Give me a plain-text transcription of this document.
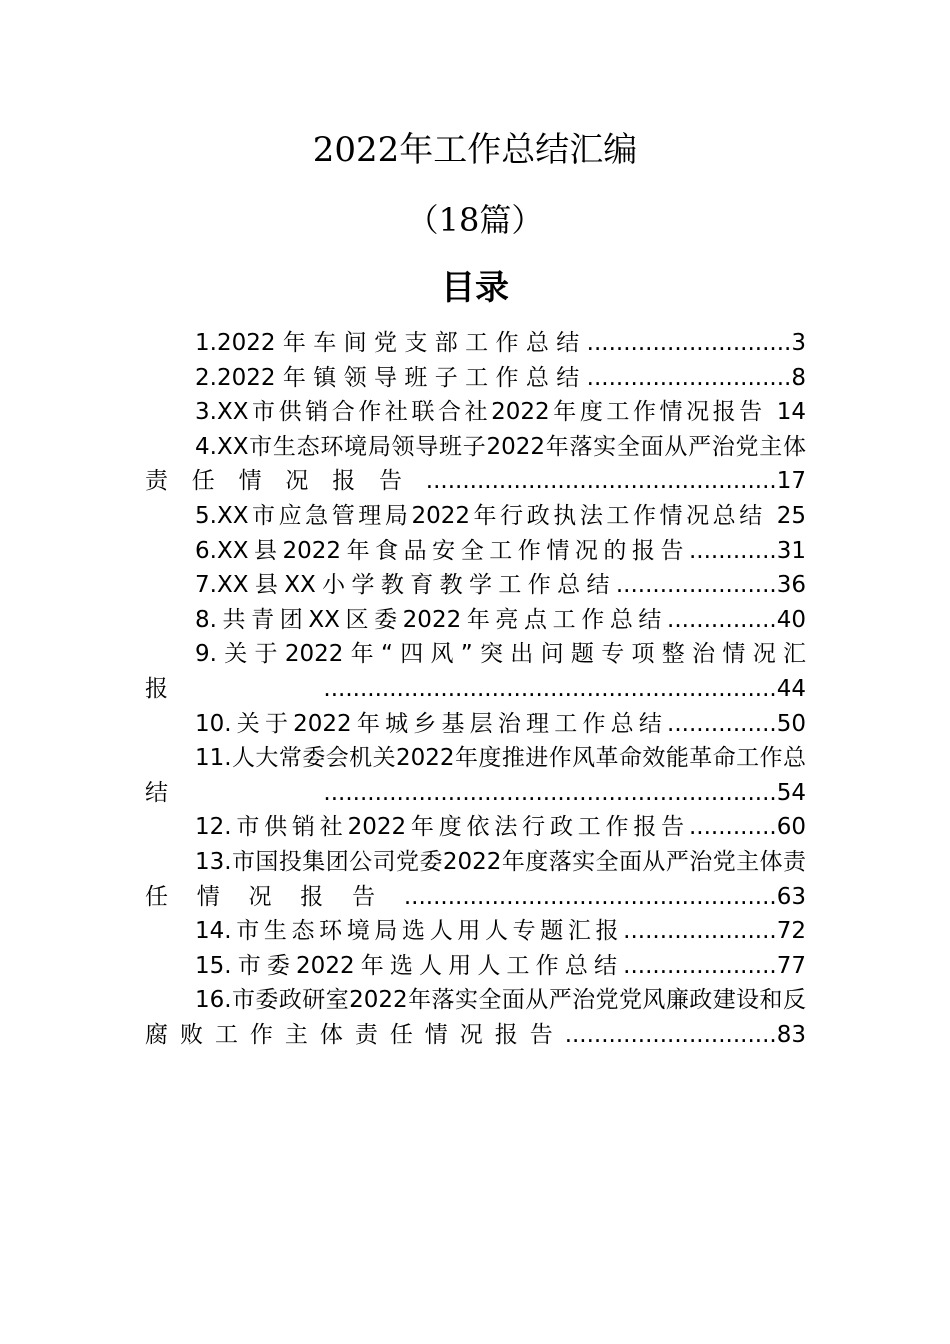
2022年工作总结汇编
（18篇）
目录

1.2022年车间党支部工作总结............................3

2.2022年镇领导班子工作总结............................8

3.XX市供销合作社联合社2022年度工作情况报告 14

4.XX市生态环境局领导班子2022年落实全面从严治党主体责任情况报告................................................17

5.XX市应急管理局2022年行政执法工作情况总结 25

6.XX县2022年食品安全工作情况的报告............31

7.XX县XX小学教育教学工作总结......................36

8.共青团XX区委2022年亮点工作总结...............40

9.关于2022年“四风”突出问题专项整治情况汇报..............................................................44

10.关于2022年城乡基层治理工作总结...............50

11.人大常委会机关2022年度推进作风革命效能革命工作总结..............................................................54

12.市供销社2022年度依法行政工作报告............60

13.市国投集团公司党委2022年度落实全面从严治党主体责任情况报告...................................................63

14.市生态环境局选人用人专题汇报.....................72

15.市委2022年选人用人工作总结.....................77

16.市委政研室2022年落实全面从严治党党风廉政建设和反腐败工作主体责任情况报告.............................83
